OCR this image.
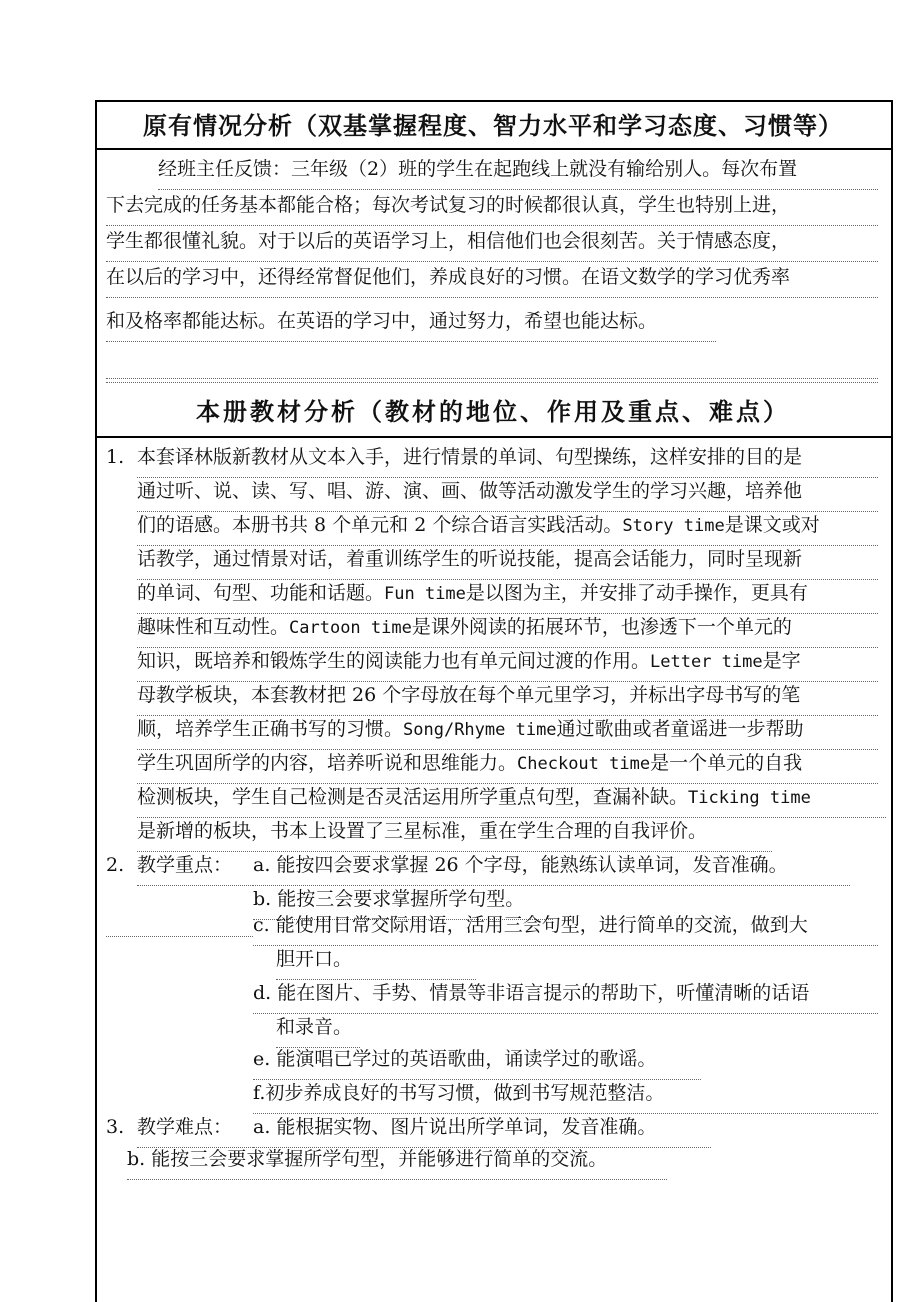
原有情况分析（双基掌握程度、智力水平和学习态度、习惯等）
经班主任反馈：三年级（2）班的学生在起跑线上就没有输给别人。每次布置
下去完成的任务基本都能合格；每次考试复习的时候都很认真，学生也特别上进，
学生都很懂礼貌。对于以后的英语学习上，相信他们也会很刻苦。关于情感态度，
在以后的学习中，还得经常督促他们，养成良好的习惯。在语文数学的学习优秀率
和及格率都能达标。在英语的学习中，通过努力，希望也能达标。
本册教材分析（教材的地位、作用及重点、难点）
1. 本套译林版新教材从文本入手，进行情景的单词、句型操练，这样安排的目的是
通过听、说、读、写、唱、游、演、画、做等活动激发学生的学习兴趣，培养他
们的语感。本册书共 8 个单元和 2 个综合语言实践活动。Story time是课文或对
话教学，通过情景对话，着重训练学生的听说技能，提高会话能力，同时呈现新
的单词、句型、功能和话题。Fun time是以图为主，并安排了动手操作，更具有
趣味性和互动性。Cartoon time是课外阅读的拓展环节，也渗透下一个单元的
知识，既培养和锻炼学生的阅读能力也有单元间过渡的作用。Letter time是字
母教学板块，本套教材把 26 个字母放在每个单元里学习，并标出字母书写的笔
顺，培养学生正确书写的习惯。Song/Rhyme time通过歌曲或者童谣进一步帮助
学生巩固所学的内容，培养听说和思维能力。Checkout time是一个单元的自我
检测板块，学生自己检测是否灵活运用所学重点句型，查漏补缺。Ticking time
是新增的板块，书本上设置了三星标准，重在学生合理的自我评价。
2. 教学重点：	a. 能按四会要求掌握 26 个字母，能熟练认读单词，发音准确。
b. 能按三会要求掌握所学句型。
c. 能使用日常交际用语，活用三会句型，进行简单的交流，做到大
胆开口。
d. 能在图片、手势、情景等非语言提示的帮助下，听懂清晰的话语
和录音。
e. 能演唱已学过的英语歌曲，诵读学过的歌谣。
f.初步养成良好的书写习惯，做到书写规范整洁。
3. 教学难点：	a. 能根据实物、图片说出所学单词，发音准确。
b. 能按三会要求掌握所学句型，并能够进行简单的交流。
